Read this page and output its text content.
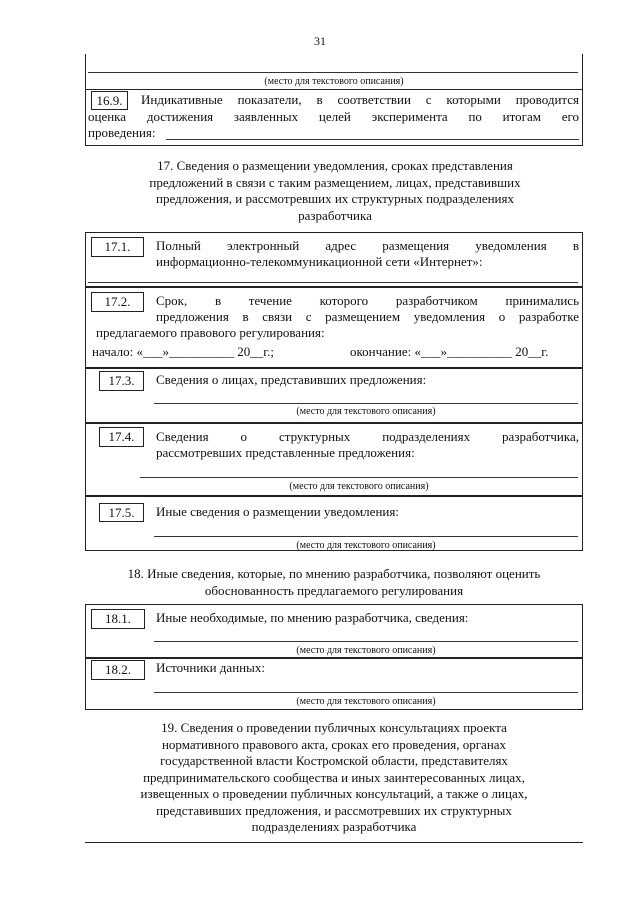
31
(место для текстового описания)
16.9.	Индикативные показатели, в соответствии с которыми проводится
оценка достижения заявленных целей эксперимента по итогам его
проведения:
17. Сведения о размещении уведомления, сроках представления
предложений в связи с таким размещением, лицах, представивших
предложения, и рассмотревших их структурных подразделениях
разработчика
17.1.	Полный электронный адрес размещения уведомления в
информационно-телекоммуникационной сети «Интернет»:
17.2.	Срок, в течение которого разработчиком принимались
предложения в связи с размещением уведомления о разработке
предлагаемого правового регулирования:
начало: «___»__________ 20__г.;	окончание: «___»__________ 20__г.
17.3.	Сведения о лицах, представивших предложения:
(место для текстового описания)
17.4.	Сведения о структурных подразделениях разработчика,
рассмотревших представленные предложения:
(место для текстового описания)
17.5.	Иные сведения о размещении уведомления:
(место для текстового описания)
18. Иные сведения, которые, по мнению разработчика, позволяют оценить
обоснованность предлагаемого регулирования
18.1.	Иные необходимые, по мнению разработчика, сведения:
(место для текстового описания)
18.2.	Источники данных:
(место для текстового описания)
19. Сведения о проведении публичных консультациях проекта
нормативного правового акта, сроках его проведения, органах
государственной власти Костромской области, представителях
предпринимательского сообщества и иных заинтересованных лицах,
извещенных о проведении публичных консультаций, а также о лицах,
представивших предложения, и рассмотревших их структурных
подразделениях разработчика
